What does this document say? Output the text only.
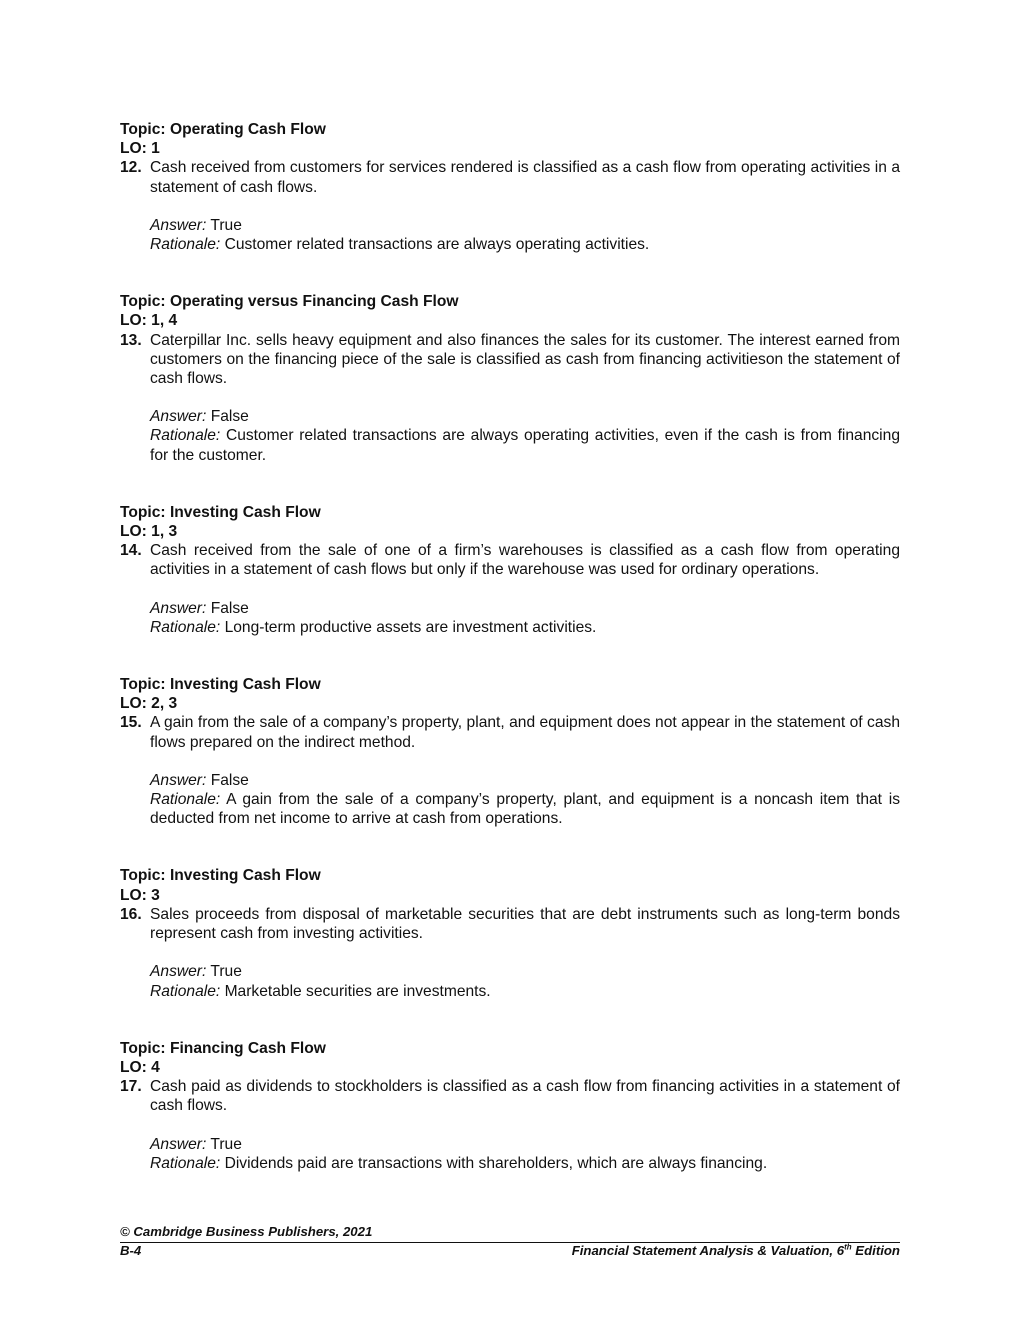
Topic: Operating Cash Flow
LO: 1
12. Cash received from customers for services rendered is classified as a cash flow from operating activities in a statement of cash flows.
Answer: True
Rationale: Customer related transactions are always operating activities.
Topic: Operating versus Financing Cash Flow
LO: 1, 4
13. Caterpillar Inc. sells heavy equipment and also finances the sales for its customer. The interest earned from customers on the financing piece of the sale is classified as cash from financing activitieson the statement of cash flows.
Answer: False
Rationale: Customer related transactions are always operating activities, even if the cash is from financing for the customer.
Topic: Investing Cash Flow
LO: 1, 3
14. Cash received from the sale of one of a firm’s warehouses is classified as a cash flow from operating activities in a statement of cash flows but only if the warehouse was used for ordinary operations.
Answer: False
Rationale: Long-term productive assets are investment activities.
Topic: Investing Cash Flow
LO: 2, 3
15. A gain from the sale of a company’s property, plant, and equipment does not appear in the statement of cash flows prepared on the indirect method.
Answer: False
Rationale: A gain from the sale of a company’s property, plant, and equipment is a noncash item that is deducted from net income to arrive at cash from operations.
Topic: Investing Cash Flow
LO: 3
16. Sales proceeds from disposal of marketable securities that are debt instruments such as long-term bonds represent cash from investing activities.
Answer: True
Rationale: Marketable securities are investments.
Topic: Financing Cash Flow
LO: 4
17. Cash paid as dividends to stockholders is classified as a cash flow from financing activities in a statement of cash flows.
Answer: True
Rationale: Dividends paid are transactions with shareholders, which are always financing.
© Cambridge Business Publishers, 2021
B-4	Financial Statement Analysis & Valuation, 6th Edition
